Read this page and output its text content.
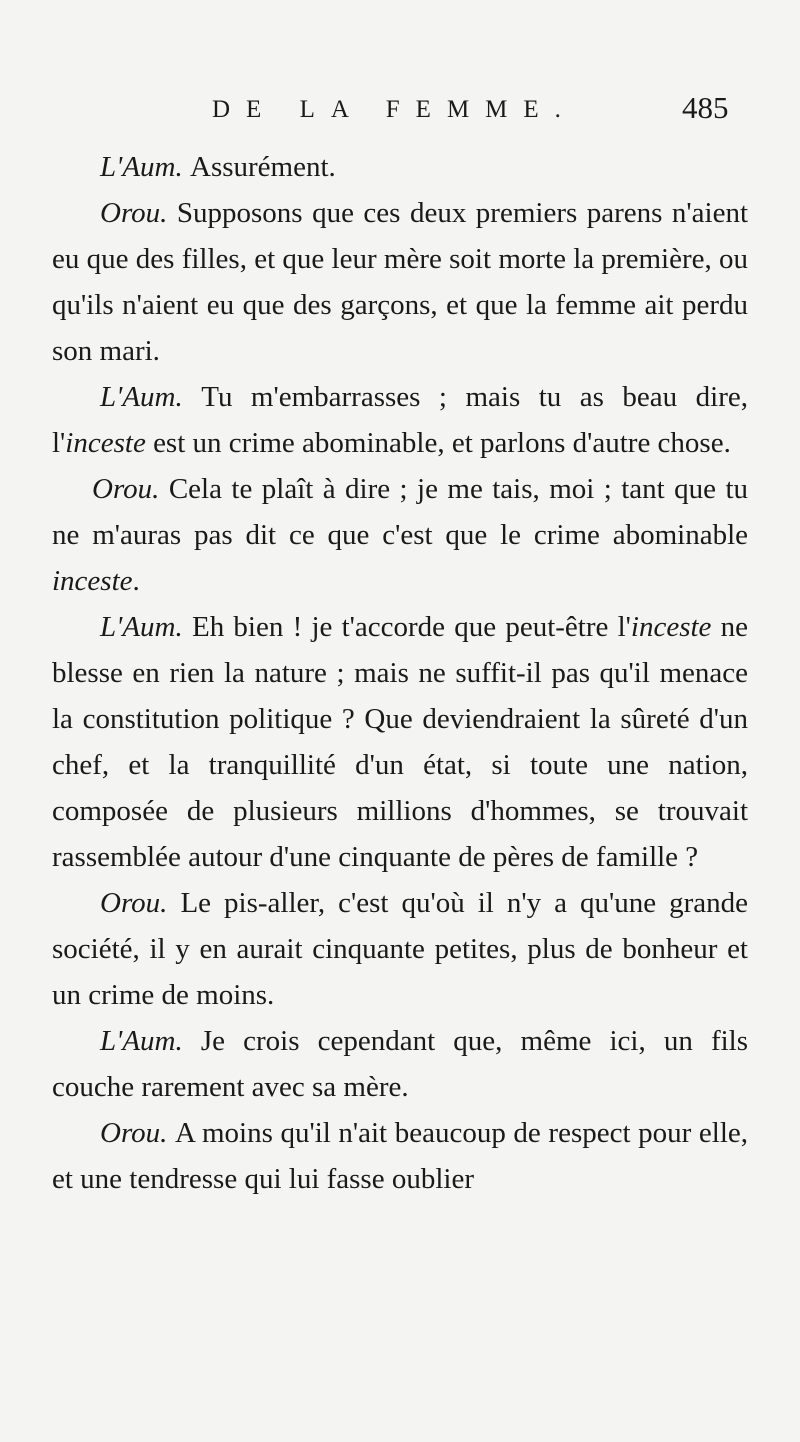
DE LA FEMME.	485

L'Aum. Assurément.

Orou. Supposons que ces deux premiers parens n'aient eu que des filles, et que leur mère soit morte la première, ou qu'ils n'aient eu que des garçons, et que la femme ait perdu son mari.

L'Aum. Tu m'embarrasses ; mais tu as beau dire, l'inceste est un crime abominable, et parlons d'autre chose.

Orou. Cela te plaît à dire ; je me tais, moi ; tant que tu ne m'auras pas dit ce que c'est que le crime abominable inceste.

L'Aum. Eh bien ! je t'accorde que peut-être l'inceste ne blesse en rien la nature ; mais ne suffit-il pas qu'il menace la constitution politique ? Que deviendraient la sûreté d'un chef, et la tranquillité d'un état, si toute une nation, composée de plusieurs millions d'hommes, se trouvait rassemblée autour d'une cinquante de pères de famille ?

Orou. Le pis-aller, c'est qu'où il n'y a qu'une grande société, il y en aurait cinquante petites, plus de bonheur et un crime de moins.

L'Aum. Je crois cependant que, même ici, un fils couche rarement avec sa mère.

Orou. A moins qu'il n'ait beaucoup de respect pour elle, et une tendresse qui lui fasse oublier
